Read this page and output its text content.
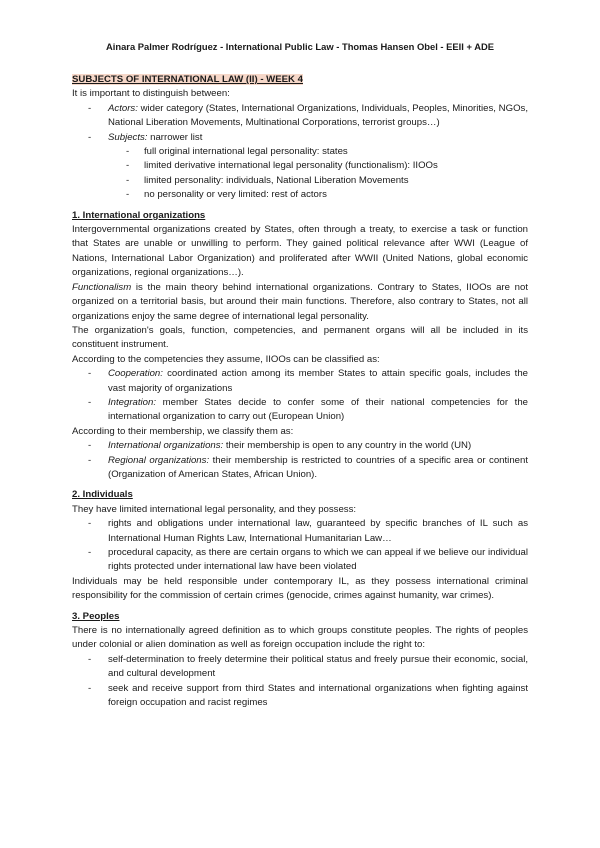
Ainara Palmer Rodríguez - International Public Law - Thomas Hansen Obel - EEII + ADE
SUBJECTS OF INTERNATIONAL LAW (II) - WEEK 4

It is important to distinguish between:

- Actors: wider category (States, International Organizations, Individuals, Peoples, Minorities, NGOs, National Liberation Movements, Multinational Corporations, terrorist groups…)
- Subjects: narrower list
- full original international legal personality: states
- limited derivative international legal personality (functionalism): IIOOs
- limited personality: individuals, National Liberation Movements
- no personality or very limited: rest of actors
1. International organizations

Intergovernmental organizations created by States, often through a treaty, to exercise a task or function that States are unable or unwilling to perform. They gained political relevance after WWI (League of Nations, International Labor Organization) and proliferated after WWII (United Nations, global economic organizations, regional organizations…).

Functionalism is the main theory behind international organizations. Contrary to States, IIOOs are not organized on a territorial basis, but around their main functions. Therefore, also contrary to States, not all organizations enjoy the same degree of international legal personality.

The organization's goals, function, competencies, and permanent organs will all be included in its constituent instrument.

According to the competencies they assume, IIOOs can be classified as:

- Cooperation: coordinated action among its member States to attain specific goals, includes the vast majority of organizations
- Integration: member States decide to confer some of their national competencies for the international organization to carry out (European Union)

According to their membership, we classify them as:

- International organizations: their membership is open to any country in the world (UN)
- Regional organizations: their membership is restricted to countries of a specific area or continent (Organization of American States, African Union).
2. Individuals

They have limited international legal personality, and they possess:

- rights and obligations under international law, guaranteed by specific branches of IL such as International Human Rights Law, International Humanitarian Law…
- procedural capacity, as there are certain organs to which we can appeal if we believe our individual rights protected under international law have been violated

Individuals may be held responsible under contemporary IL, as they possess international criminal responsibility for the commission of certain crimes (genocide, crimes against humanity, war crimes).

3. Peoples

There is no internationally agreed definition as to which groups constitute peoples. The rights of peoples under colonial or alien domination as well as foreign occupation include the right to:

- self-determination to freely determine their political status and freely pursue their economic, social, and cultural development
- seek and receive support from third States and international organizations when fighting against foreign occupation and racist regimes
